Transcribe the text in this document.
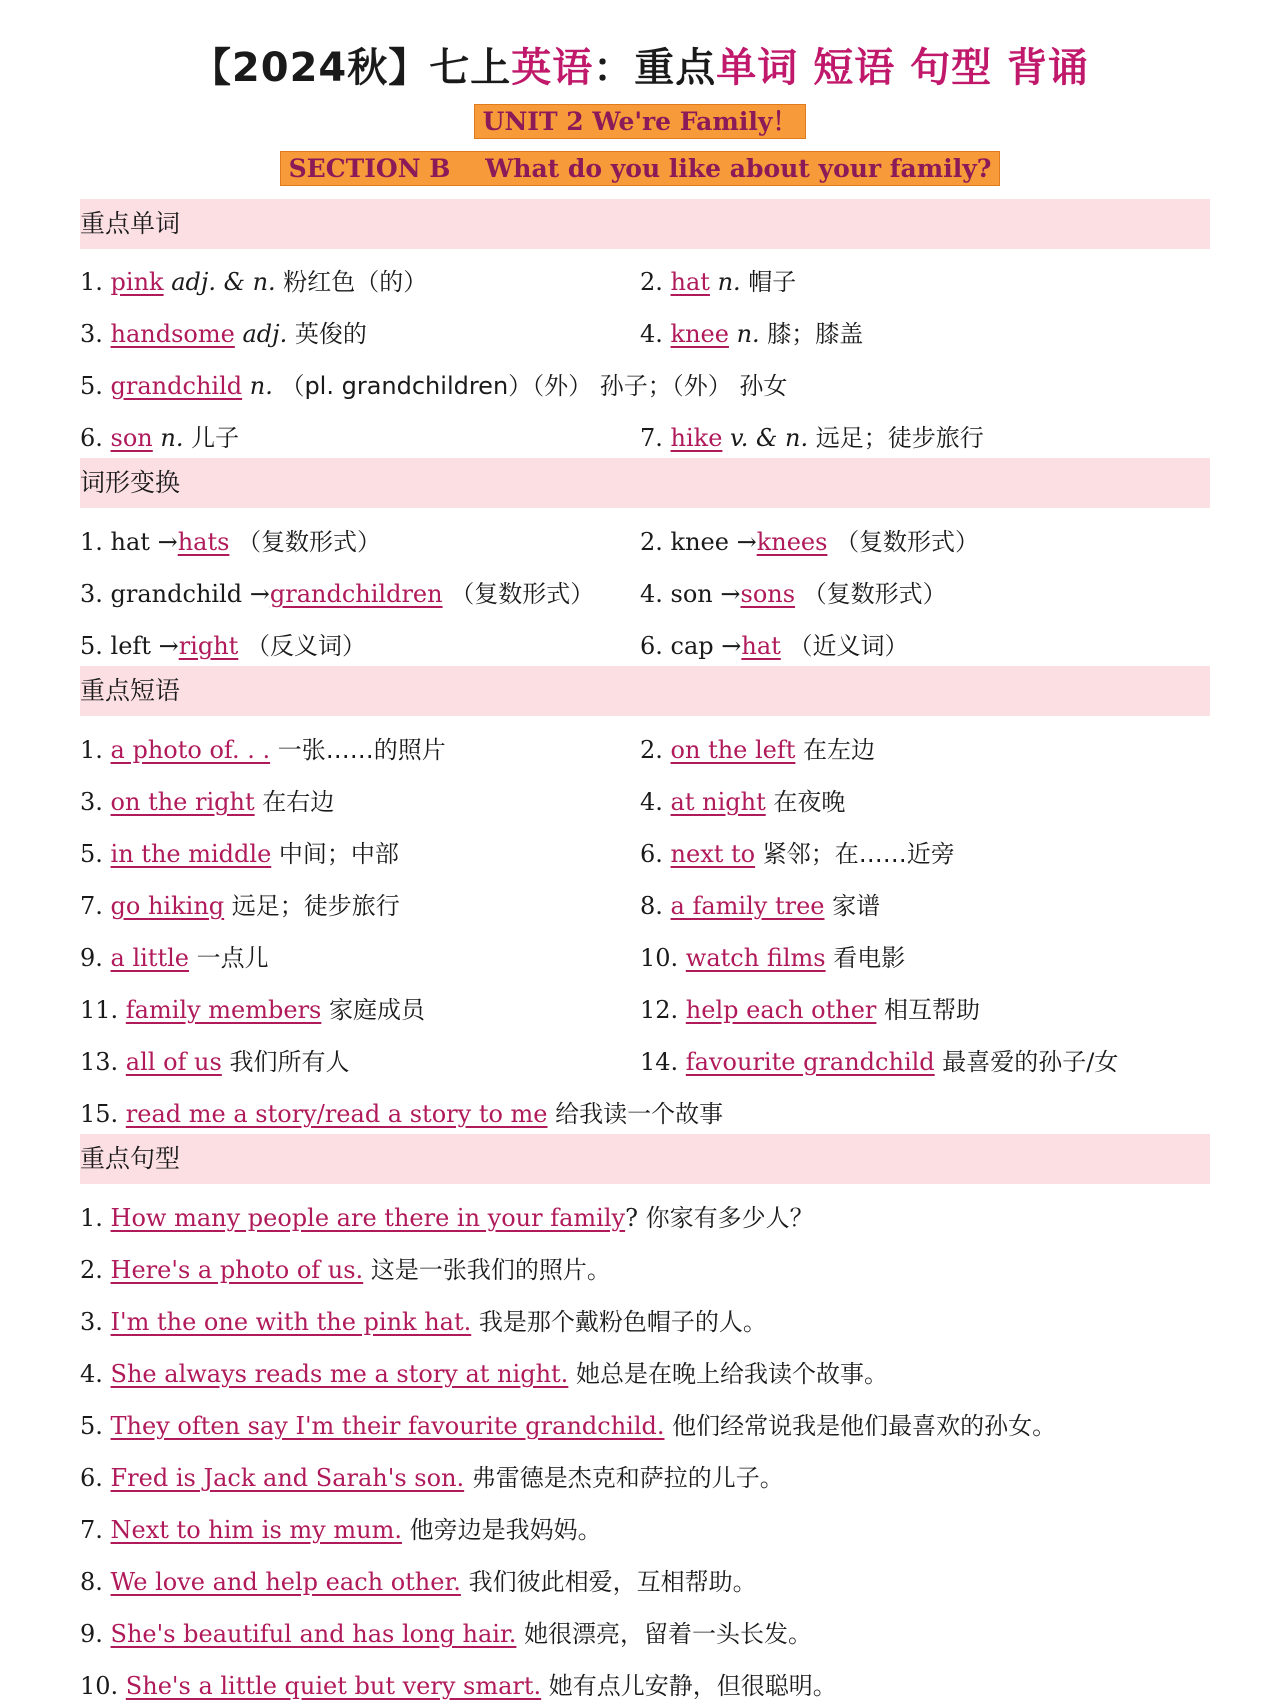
【2024秋】七上英语：重点单词 短语 句型 背诵
UNIT 2 We're Family！
SECTION B    What do you like about your family?
重点单词
1. pink adj. & n. 粉红色（的）	2. hat n. 帽子
3. handsome adj. 英俊的	4. knee n. 膝；膝盖
5. grandchild n. （pl. grandchildren）（外） 孙子；（外） 孙女
6. son n. 儿子	7. hike v. & n. 远足；徒步旅行
词形变换
1. hat →hats （复数形式）	2. knee →knees （复数形式）
3. grandchild →grandchildren （复数形式） 4. son →sons （复数形式）
5. left →right （反义词）	6. cap →hat （近义词）
重点短语
1. a photo of. . . 一张……的照片	2. on the left 在左边
3. on the right 在右边	4. at night 在夜晚
5. in the middle 中间；中部	6. next to 紧邻；在……近旁
7. go hiking 远足；徒步旅行	8. a family tree 家谱
9. a little 一点儿	10. watch films 看电影
11. family members 家庭成员	12. help each other 相互帮助
13. all of us 我们所有人	14. favourite grandchild 最喜爱的孙子/女
15. read me a story/read a story to me 给我读一个故事
重点句型
1. How many people are there in your family? 你家有多少人？
2. Here's a photo of us. 这是一张我们的照片。
3. I'm the one with the pink hat. 我是那个戴粉色帽子的人。
4. She always reads me a story at night. 她总是在晚上给我读个故事。
5. They often say I'm their favourite grandchild. 他们经常说我是他们最喜欢的孙女。
6. Fred is Jack and Sarah's son. 弗雷德是杰克和萨拉的儿子。
7. Next to him is my mum. 他旁边是我妈妈。
8. We love and help each other. 我们彼此相爱，互相帮助。
9. She's beautiful and has long hair. 她很漂亮，留着一头长发。
10. She's a little quiet but very smart. 她有点儿安静，但很聪明。
